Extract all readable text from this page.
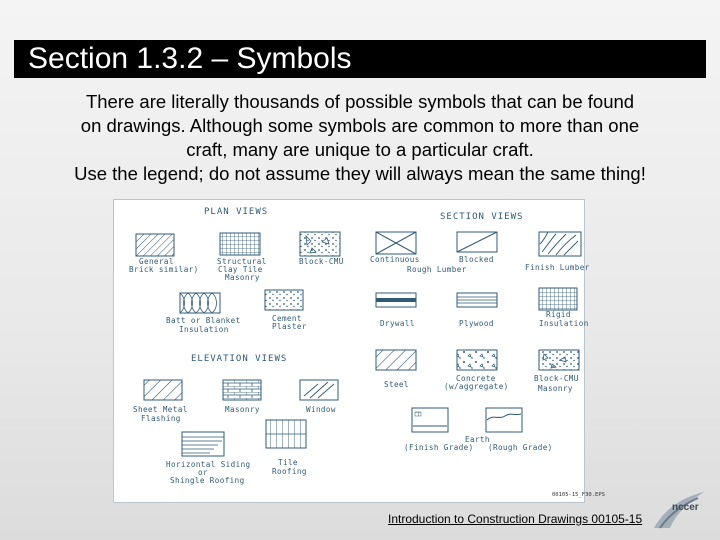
Section 1.3.2 – Symbols
There are literally thousands of possible symbols that can be found on drawings. Although some symbols are common to more than one craft, many are unique to a particular craft.
Use the legend; do not assume they will always mean the same thing!
PLAN VIEWS	SECTION VIEWS
General
Brick similar)
Structural
Clay Tile
Masonry
Block-CMU	Continuous	Blocked
Rough Lumber	Finish Lumber
Batt or Blanket
Insulation
Cement
Plaster	Drywall	Plywood
Rigid
Insulation
ELEVATION VIEWS
Steel
Concrete
(w/aggregate)
Block-CMU
Masonry
Sheet Metal
Flashing
Masonry	Window
Earth
(Finish Grade) (Rough Grade)
Horizontal Siding
or
Shingle Roofing
Tile
Roofing
00105-15_F30.EPS
Introduction to Construction Drawings 00105-15
nccer
